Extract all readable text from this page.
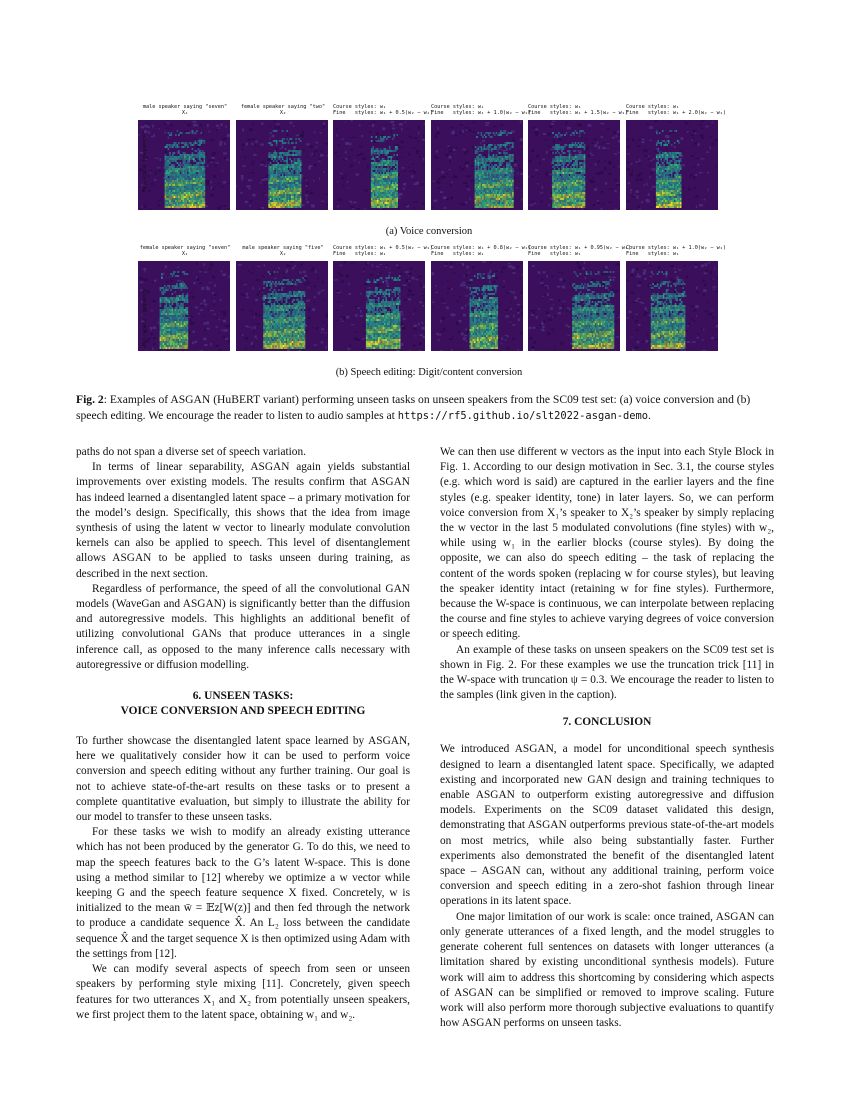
male speaker saying "seven"
X₁
female speaker saying "two"
X₂
Course styles: w₁
Fine   styles: w₁ + 0.5(w₂ − w₁)
Course styles: w₁
Fine   styles: w₁ + 1.0(w₂ − w₁)
Course styles: w₁
Fine   styles: w₁ + 1.5(w₂ − w₁)
Course styles: w₁
Fine   styles: w₁ + 2.0(w₂ − w₁)
Mel-scale frequency
(a) Voice conversion
female speaker saying "seven"
X₁
male speaker saying "five"
X₂
Course styles: w₁ + 0.5(w₂ − w₁)
Fine   styles: w₁
Course styles: w₁ + 0.8(w₂ − w₁)
Fine   styles: w₁
Course styles: w₁ + 0.95(w₂ − w₁)
Fine   styles: w₁
Course styles: w₁ + 1.0(w₂ − w₁)
Fine   styles: w₁
Mel-scale frequency
(b) Speech editing: Digit/content conversion
Fig. 2: Examples of ASGAN (HuBERT variant) performing unseen tasks on unseen speakers from the SC09 test set: (a) voice conversion and (b) speech editing. We encourage the reader to listen to audio samples at https://rf5.github.io/slt2022-asgan-demo.

paths do not span a diverse set of speech variation.

In terms of linear separability, ASGAN again yields substantial improvements over existing models. The results confirm that ASGAN has indeed learned a disentangled latent space – a primary motivation for the model’s design. Specifically, this shows that the idea from image synthesis of using the latent w vector to linearly modulate convolution kernels can also be applied to speech. This level of disentanglement allows ASGAN to be applied to tasks unseen during training, as described in the next section.

Regardless of performance, the speed of all the convolutional GAN models (WaveGan and ASGAN) is significantly better than the diffusion and autoregressive models. This highlights an additional benefit of utilizing convolutional GANs that produce utterances in a single inference call, as opposed to the many inference calls necessary with autoregressive or diffusion modelling.

6. UNSEEN TASKS:
VOICE CONVERSION AND SPEECH EDITING

To further showcase the disentangled latent space learned by ASGAN, here we qualitatively consider how it can be used to perform voice conversion and speech editing without any further training. Our goal is not to achieve state-of-the-art results on these tasks or to present a complete quantitative evaluation, but simply to illustrate the ability for our model to transfer to these unseen tasks.

For these tasks we wish to modify an already existing utterance which has not been produced by the generator G. To do this, we need to map the speech features back to the G’s latent W-space. This is done using a method similar to [12] whereby we optimize a w vector while keeping G and the speech feature sequence X fixed. Concretely, w is initialized to the mean w̄ = 𝔼z[W(z)] and then fed through the network to produce a candidate sequence X̂. An L₂ loss between the candidate sequence X̂ and the target sequence X is then optimized using Adam with the settings from [12].

We can modify several aspects of speech from seen or unseen speakers by performing style mixing [11]. Concretely, given speech features for two utterances X₁ and X₂ from potentially unseen speakers, we first project them to the latent space, obtaining w₁ and w₂.

We can then use different w vectors as the input into each Style Block in Fig. 1. According to our design motivation in Sec. 3.1, the course styles (e.g. which word is said) are captured in the earlier layers and the fine styles (e.g. speaker identity, tone) in later layers. So, we can perform voice conversion from X₁’s speaker to X₂’s speaker by simply replacing the w vector in the last 5 modulated convolutions (fine styles) with w₂, while using w₁ in the earlier blocks (course styles). By doing the opposite, we can also do speech editing – the task of replacing the content of the words spoken (replacing w for course styles), but leaving the speaker identity intact (retaining w for fine styles). Furthermore, because the W-space is continuous, we can interpolate between replacing the course and fine styles to achieve varying degrees of voice conversion or speech editing.

An example of these tasks on unseen speakers on the SC09 test set is shown in Fig. 2. For these examples we use the truncation trick [11] in the W-space with truncation ψ = 0.3. We encourage the reader to listen to the samples (link given in the caption).

7. CONCLUSION

We introduced ASGAN, a model for unconditional speech synthesis designed to learn a disentangled latent space. Specifically, we adapted existing and incorporated new GAN design and training techniques to enable ASGAN to outperform existing autoregressive and diffusion models. Experiments on the SC09 dataset validated this design, demonstrating that ASGAN outperforms previous state-of-the-art models on most metrics, while also being substantially faster. Further experiments also demonstrated the benefit of the disentangled latent space – ASGAN can, without any additional training, perform voice conversion and speech editing in a zero-shot fashion through linear operations in its latent space.

One major limitation of our work is scale: once trained, ASGAN can only generate utterances of a fixed length, and the model struggles to generate coherent full sentences on datasets with longer utterances (a limitation shared by existing unconditional synthesis models). Future work will aim to address this shortcoming by considering which aspects of ASGAN can be simplified or removed to improve scaling. Future work will also perform more thorough subjective evaluations to quantify how ASGAN performs on unseen tasks.
